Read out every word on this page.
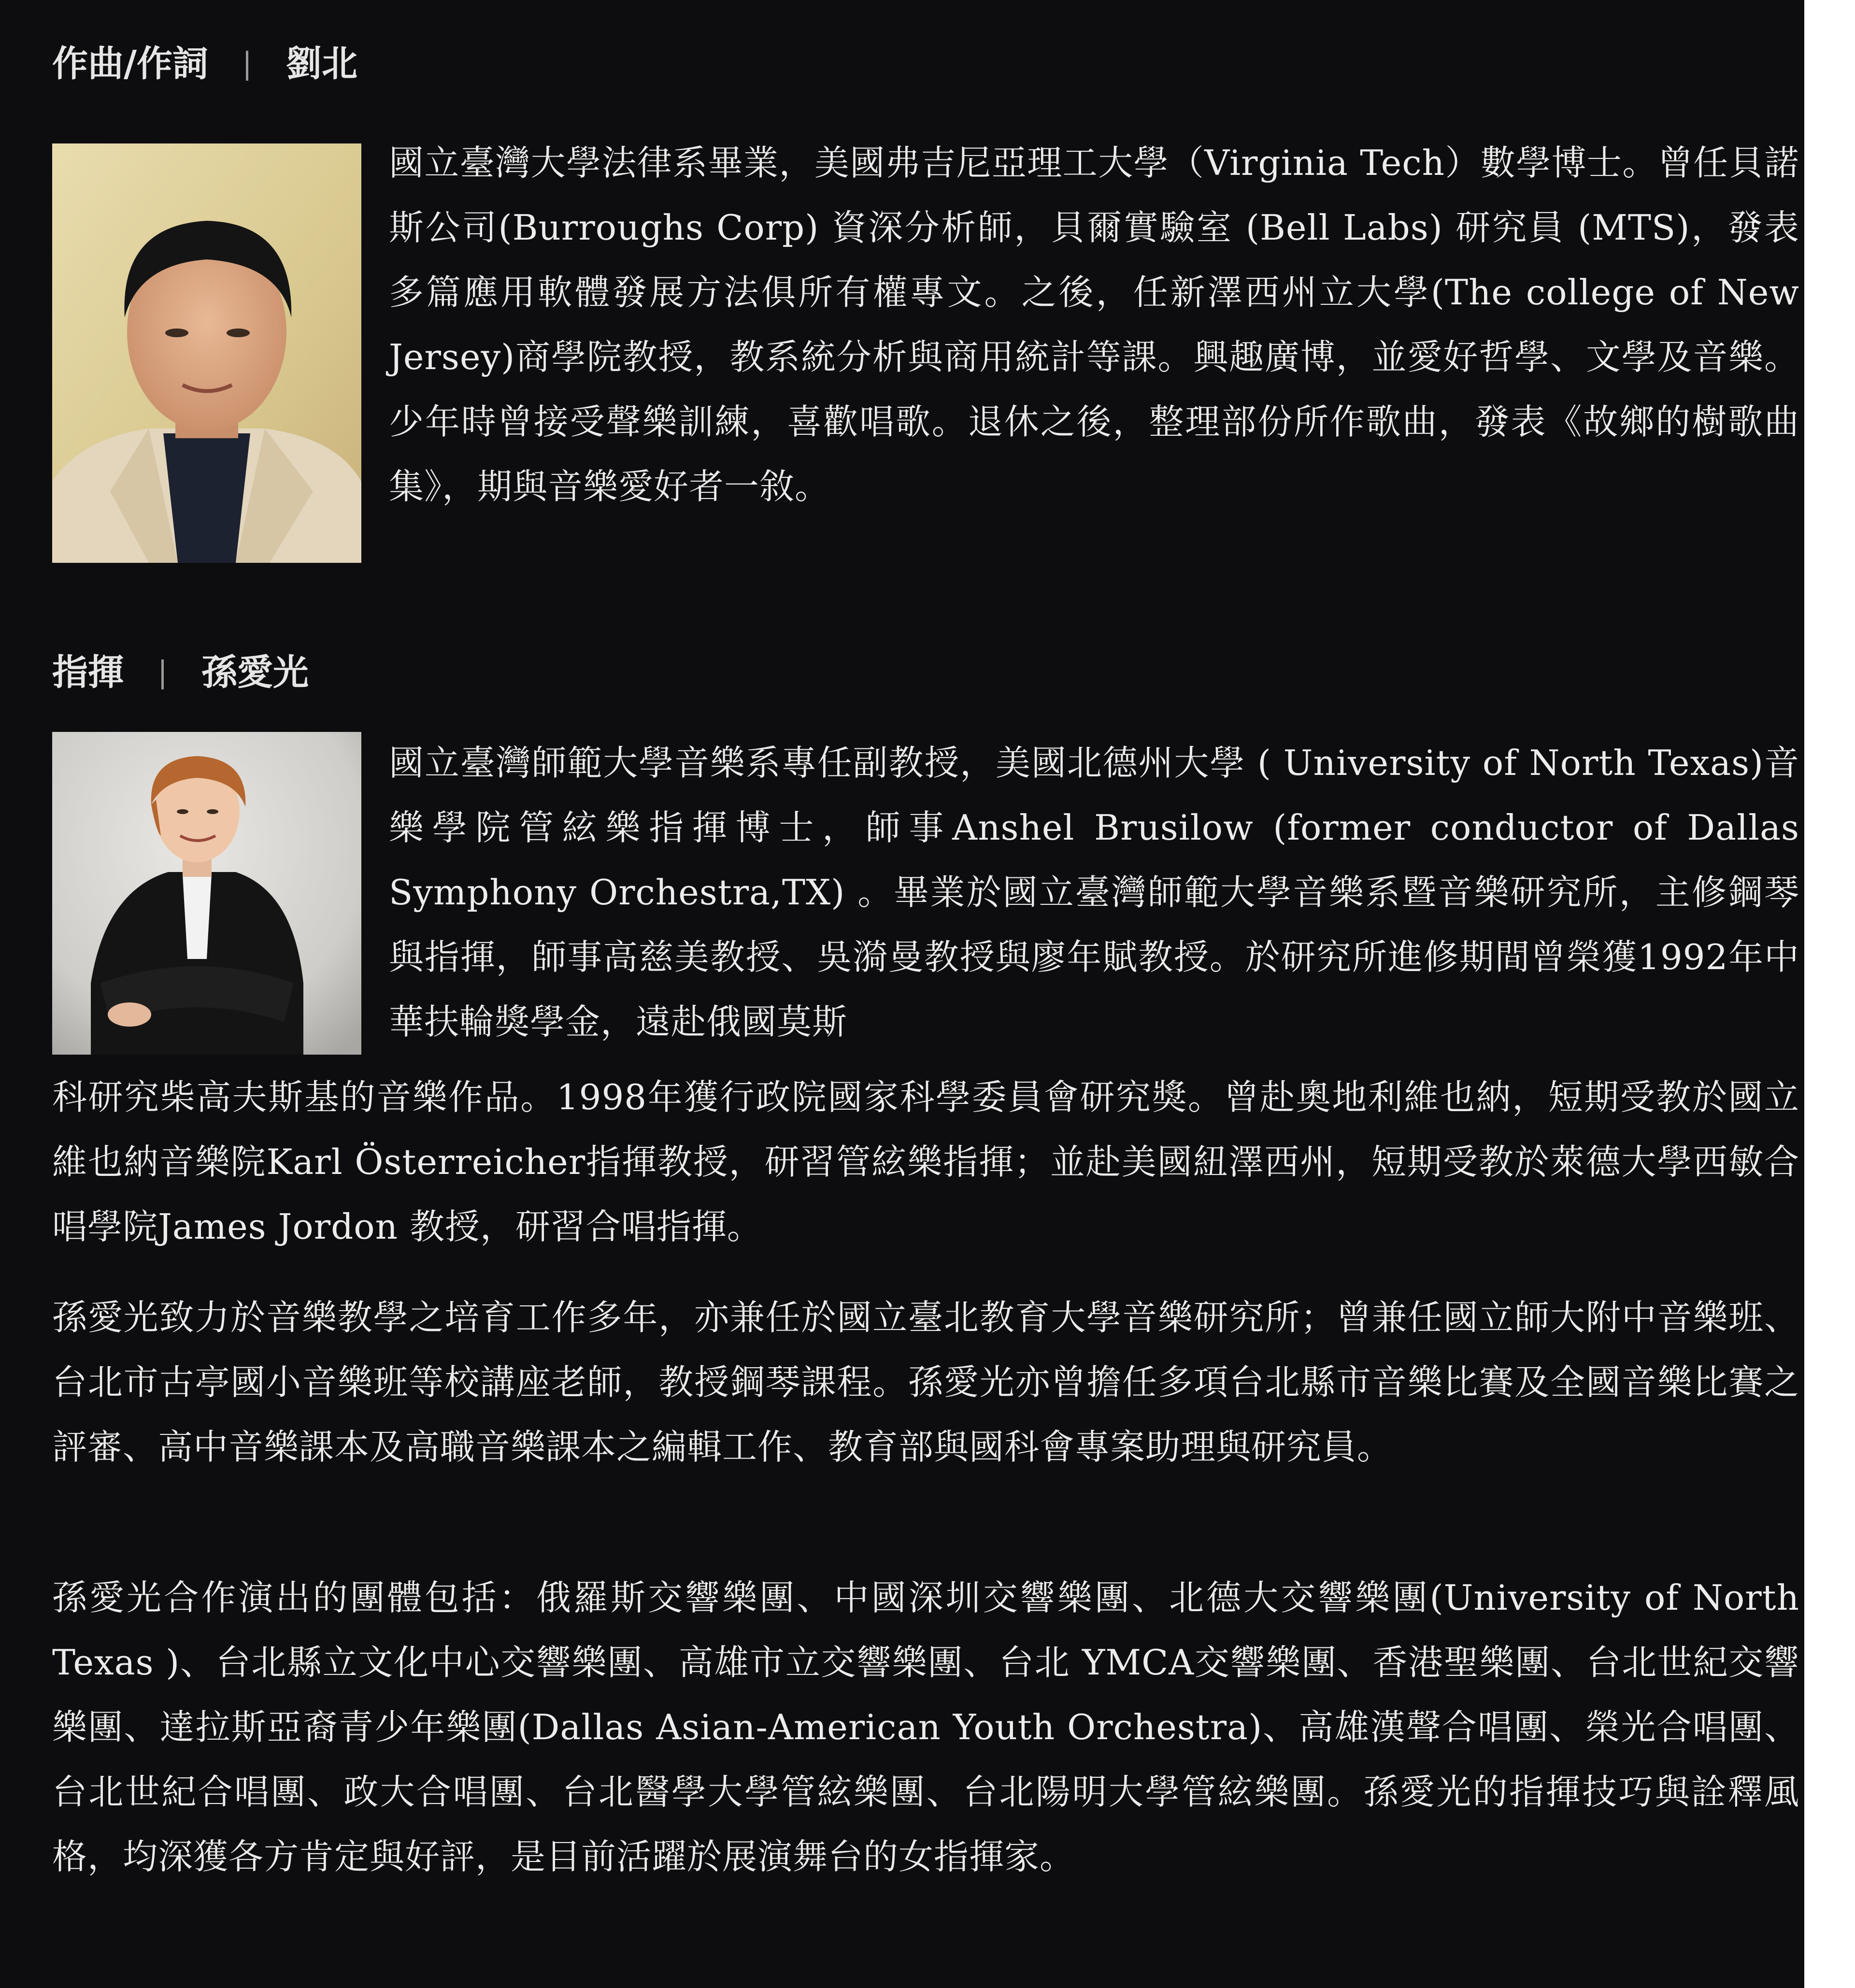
作曲/作詞 劉北
國立臺灣大學法律系畢業，美國弗吉尼亞理工大學（Virginia Tech）數學博士。曾任貝諾斯公司(Burroughs Corp) 資深分析師，貝爾實驗室 (Bell Labs) 研究員 (MTS)，發表多篇應用軟體發展方法俱所有權專文。之後，任新澤西州立大學(The college of New Jersey)商學院教授，教系統分析與商用統計等課。興趣廣博，並愛好哲學、文學及音樂。少年時曾接受聲樂訓練，喜歡唱歌。退休之後，整理部份所作歌曲，發表《故鄉的樹歌曲集》，期與音樂愛好者一敘。
指揮 孫愛光
國立臺灣師範大學音樂系專任副教授，美國北德州大學 ( University of North Texas)音樂學院管絃樂指揮博士，師事Anshel Brusilow (former conductor of Dallas Symphony Orchestra,TX) 。畢業於國立臺灣師範大學音樂系暨音樂研究所，主修鋼琴與指揮，師事高慈美教授、吳漪曼教授與廖年賦教授。於研究所進修期間曾榮獲1992年中華扶輪獎學金，遠赴俄國莫斯
科研究柴高夫斯基的音樂作品。1998年獲行政院國家科學委員會研究獎。曾赴奧地利維也納，短期受教於國立維也納音樂院Karl Österreicher指揮教授，研習管絃樂指揮；並赴美國紐澤西州，短期受教於萊德大學西敏合唱學院James Jordon 教授，研習合唱指揮。
孫愛光致力於音樂教學之培育工作多年，亦兼任於國立臺北教育大學音樂研究所；曾兼任國立師大附中音樂班、台北市古亭國小音樂班等校講座老師，教授鋼琴課程。孫愛光亦曾擔任多項台北縣市音樂比賽及全國音樂比賽之評審、高中音樂課本及高職音樂課本之編輯工作、教育部與國科會專案助理與研究員。
孫愛光合作演出的團體包括：俄羅斯交響樂團、中國深圳交響樂團、北德大交響樂團(University of North Texas )、台北縣立文化中心交響樂團、高雄市立交響樂團、台北 YMCA交響樂團、香港聖樂團、台北世紀交響樂團、達拉斯亞裔青少年樂團(Dallas Asian-American Youth Orchestra)、高雄漢聲合唱團、榮光合唱團、台北世紀合唱團、政大合唱團、台北醫學大學管絃樂團、台北陽明大學管絃樂團。孫愛光的指揮技巧與詮釋風格，均深獲各方肯定與好評，是目前活躍於展演舞台的女指揮家。
